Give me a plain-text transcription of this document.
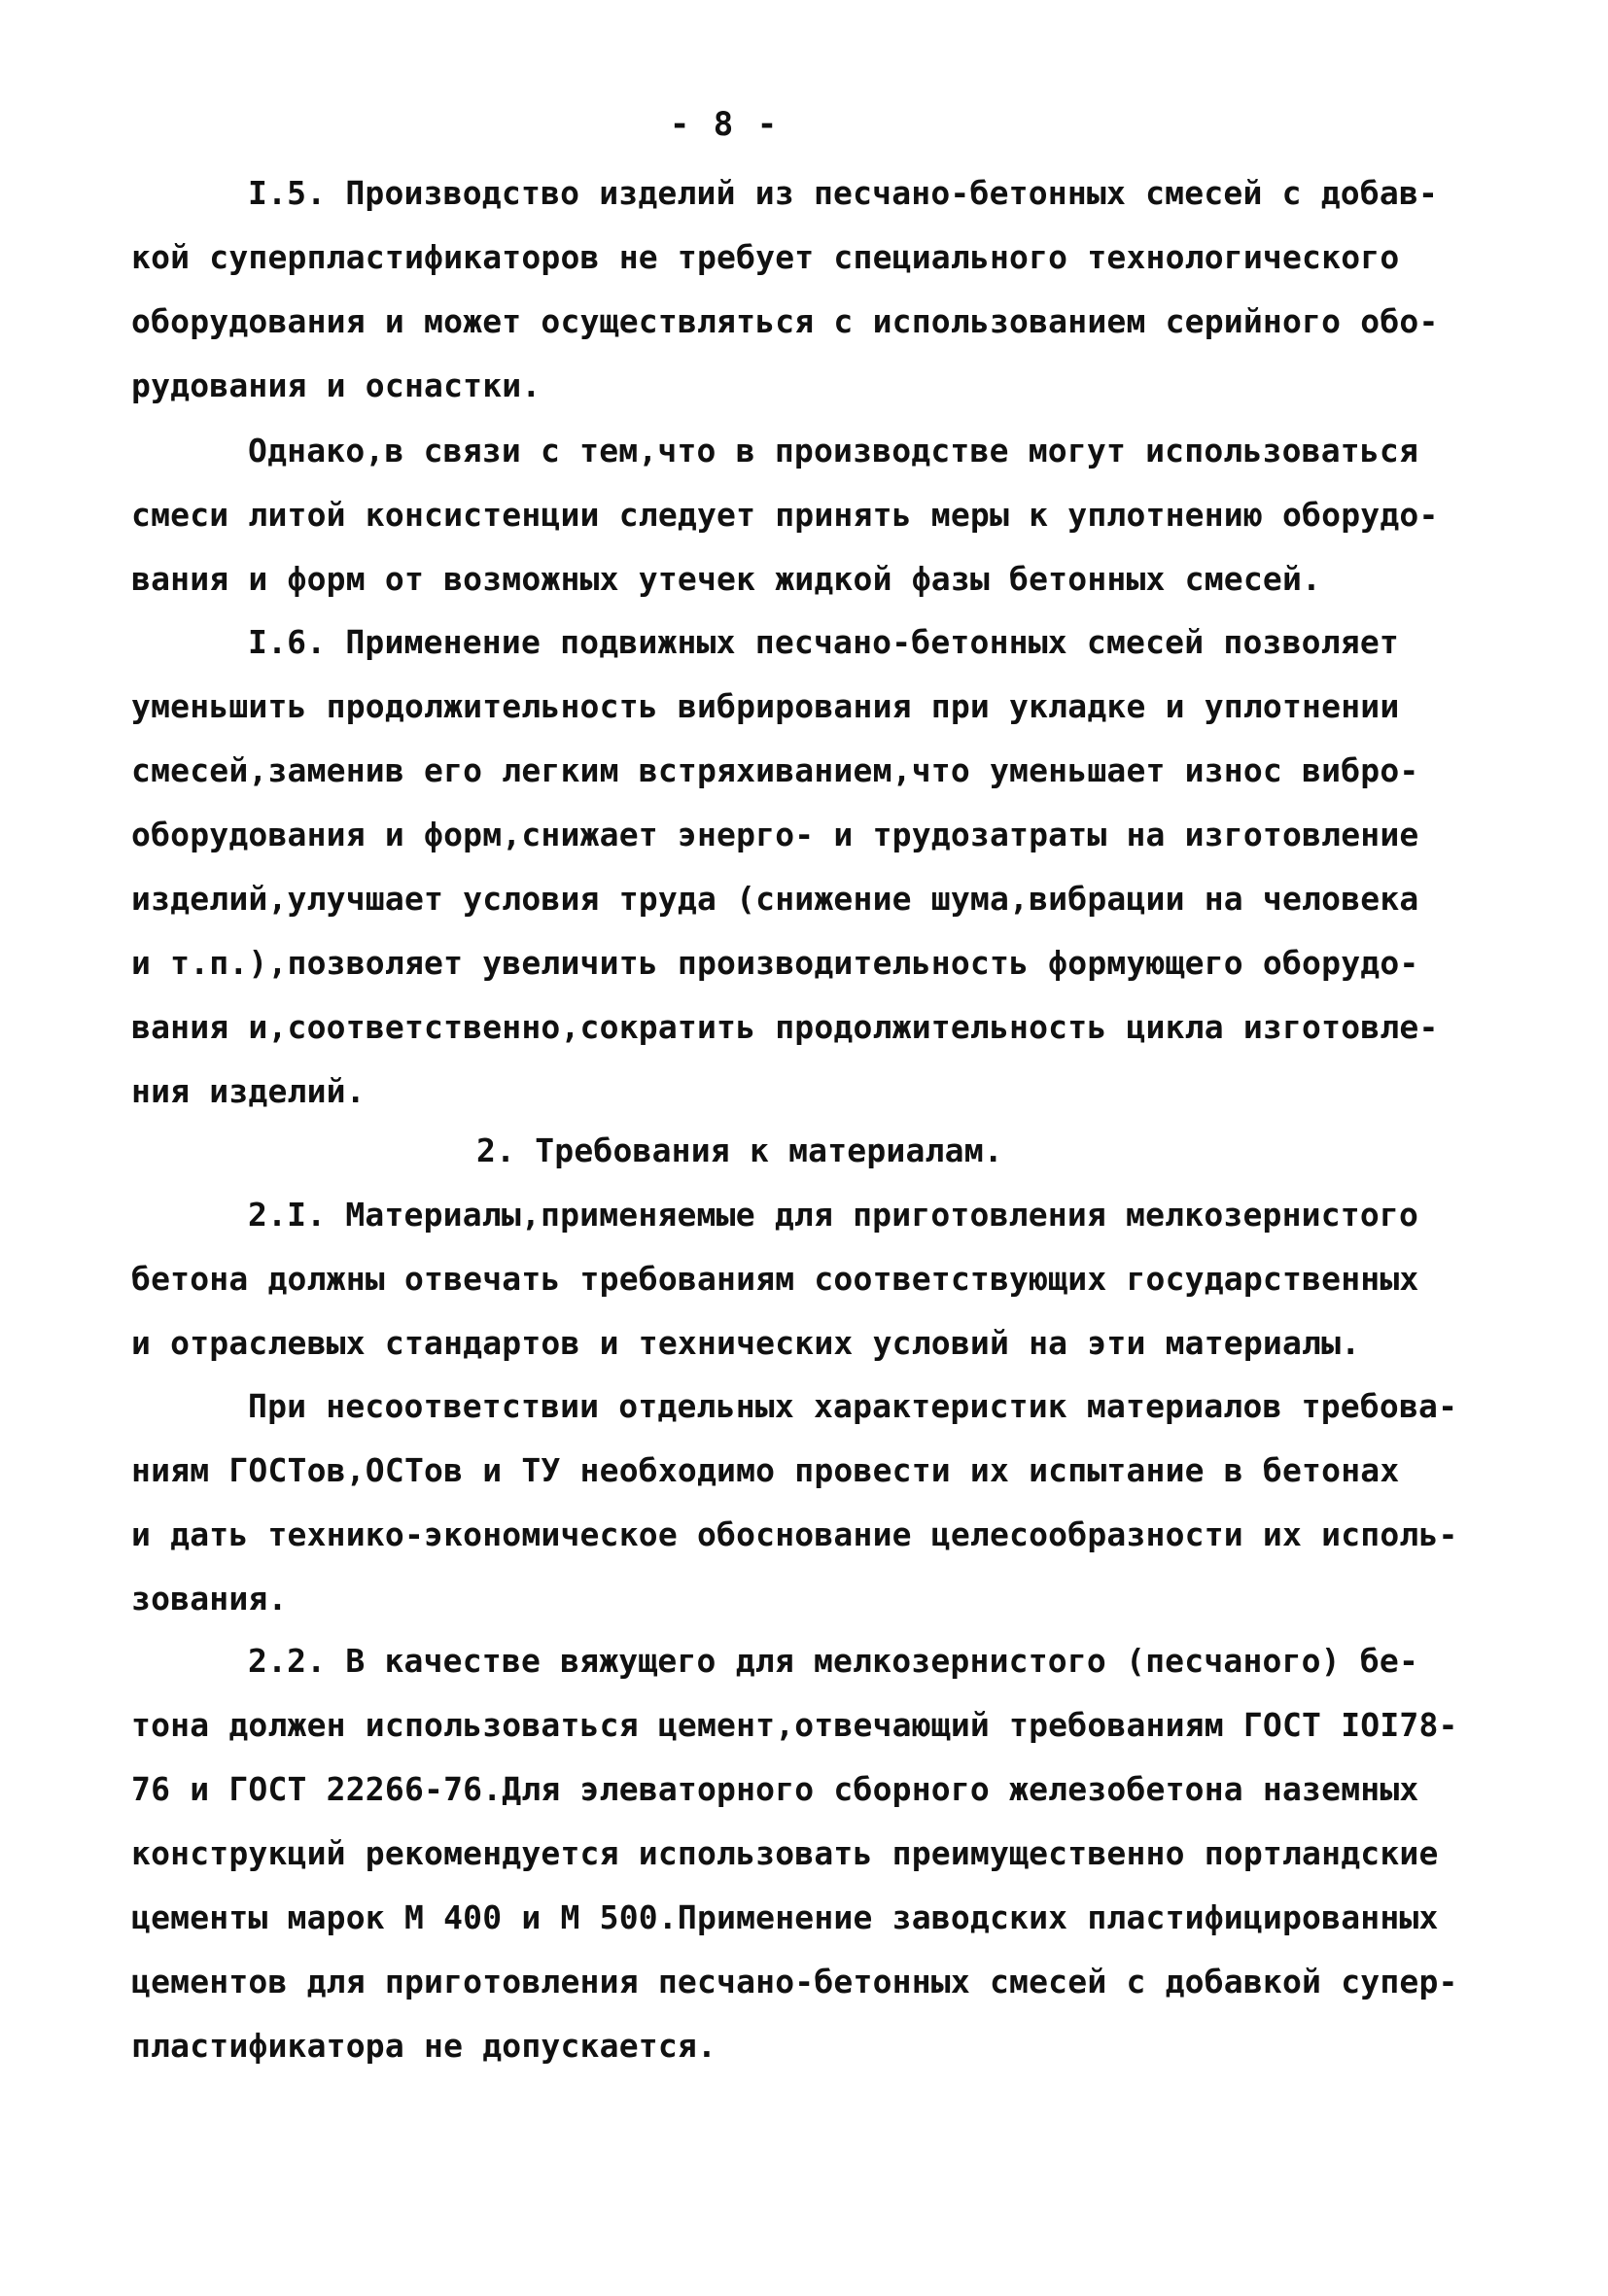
- 8 -
I.5. Производство изделий из песчано-бетонных смесей с добав-
кой суперпластификаторов не требует специального технологического
оборудования и может осуществляться с использованием серийного обо-
рудования и оснастки.
Однако,в связи с тем,что в производстве могут использоваться
смеси литой консистенции следует принять меры к уплотнению оборудо-
вания и форм от возможных утечек жидкой фазы бетонных смесей.
I.6. Применение подвижных песчано-бетонных смесей позволяет
уменьшить продолжительность вибрирования при укладке и уплотнении
смесей,заменив его легким встряхиванием,что уменьшает износ вибро-
оборудования и форм,снижает энерго- и трудозатраты на изготовление
изделий,улучшает условия труда (снижение шума,вибрации на человека
и т.п.),позволяет увеличить производительность формующего оборудо-
вания и,соответственно,сократить продолжительность цикла изготовле-
ния изделий.
2. Требования к материалам.
2.I. Материалы,применяемые для приготовления мелкозернистого
бетона должны отвечать требованиям соответствующих государственных
и отраслевых стандартов и технических условий на эти материалы.
При несоответствии отдельных характеристик материалов требова-
ниям ГОСТов,ОСТов и ТУ необходимо провести их испытание в бетонах
и дать технико-экономическое обоснование целесообразности их исполь-
зования.
2.2. В качестве вяжущего для мелкозернистого (песчаного) бе-
тона должен использоваться цемент,отвечающий требованиям ГОСТ IOI78-
76 и ГОСТ 22266-76.Для элеваторного сборного железобетона наземных
конструкций рекомендуется использовать преимущественно портландские
цементы марок М 400 и М 500.Применение заводских пластифицированных
цементов для приготовления песчано-бетонных смесей с добавкой супер-
пластификатора не допускается.
